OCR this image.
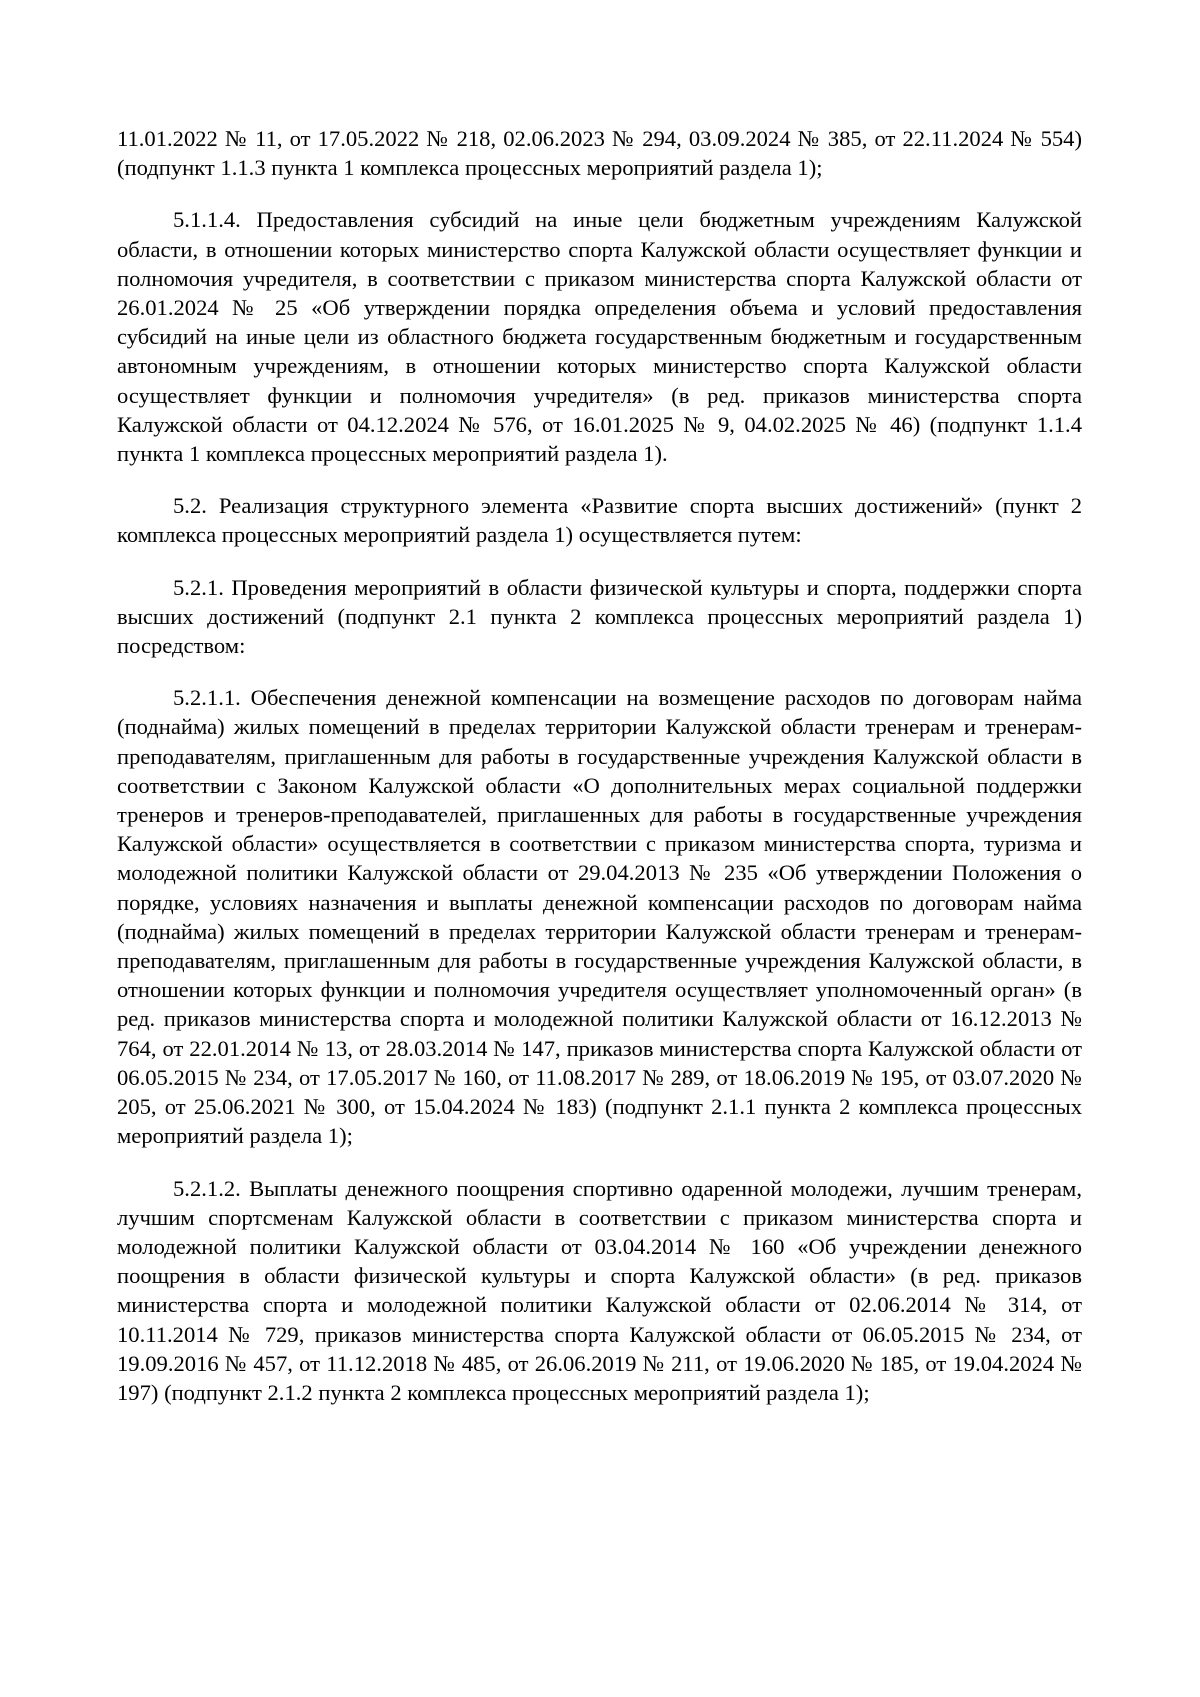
11.01.2022 № 11, от 17.05.2022 № 218, 02.06.2023 № 294, 03.09.2024 № 385, от 22.11.2024 № 554) (подпункт 1.1.3 пункта 1 комплекса процессных мероприятий раздела 1);

5.1.1.4. Предоставления субсидий на иные цели бюджетным учреждениям Калужской области, в отношении которых министерство спорта Калужской области осуществляет функции и полномочия учредителя, в соответствии с приказом министерства спорта Калужской области от 26.01.2024 № 25 «Об утверждении порядка определения объема и условий предоставления субсидий на иные цели из областного бюджета государственным бюджетным и государственным автономным учреждениям, в отношении которых министерство спорта Калужской области осуществляет функции и полномочия учредителя» (в ред. приказов министерства спорта Калужской области от 04.12.2024 № 576, от 16.01.2025 № 9, 04.02.2025 № 46) (подпункт 1.1.4 пункта 1 комплекса процессных мероприятий раздела 1).

5.2. Реализация структурного элемента «Развитие спорта высших достижений» (пункт 2 комплекса процессных мероприятий раздела 1) осуществляется путем:

5.2.1. Проведения мероприятий в области физической культуры и спорта, поддержки спорта высших достижений (подпункт 2.1 пункта 2 комплекса процессных мероприятий раздела 1) посредством:

5.2.1.1. Обеспечения денежной компенсации на возмещение расходов по договорам найма (поднайма) жилых помещений в пределах территории Калужской области тренерам и тренерам-преподавателям, приглашенным для работы в государственные учреждения Калужской области в соответствии с Законом Калужской области «О дополнительных мерах социальной поддержки тренеров и тренеров-преподавателей, приглашенных для работы в государственные учреждения Калужской области» осуществляется в соответствии с приказом министерства спорта, туризма и молодежной политики Калужской области от 29.04.2013 № 235 «Об утверждении Положения о порядке, условиях назначения и выплаты денежной компенсации расходов по договорам найма (поднайма) жилых помещений в пределах территории Калужской области тренерам и тренерам-преподавателям, приглашенным для работы в государственные учреждения Калужской области, в отношении которых функции и полномочия учредителя осуществляет уполномоченный орган» (в ред. приказов министерства спорта и молодежной политики Калужской области от 16.12.2013 № 764, от 22.01.2014 № 13, от 28.03.2014 № 147, приказов министерства спорта Калужской области от 06.05.2015 № 234, от 17.05.2017 № 160, от 11.08.2017 № 289, от 18.06.2019 № 195, от 03.07.2020 № 205, от 25.06.2021 № 300, от 15.04.2024 № 183) (подпункт 2.1.1 пункта 2 комплекса процессных мероприятий раздела 1);

5.2.1.2. Выплаты денежного поощрения спортивно одаренной молодежи, лучшим тренерам, лучшим спортсменам Калужской области в соответствии с приказом министерства спорта и молодежной политики Калужской области от 03.04.2014 № 160 «Об учреждении денежного поощрения в области физической культуры и спорта Калужской области» (в ред. приказов министерства спорта и молодежной политики Калужской области от 02.06.2014 № 314, от 10.11.2014 № 729, приказов министерства спорта Калужской области от 06.05.2015 № 234, от 19.09.2016 № 457, от 11.12.2018 № 485, от 26.06.2019 № 211, от 19.06.2020 № 185, от 19.04.2024 № 197) (подпункт 2.1.2 пункта 2 комплекса процессных мероприятий раздела 1);
